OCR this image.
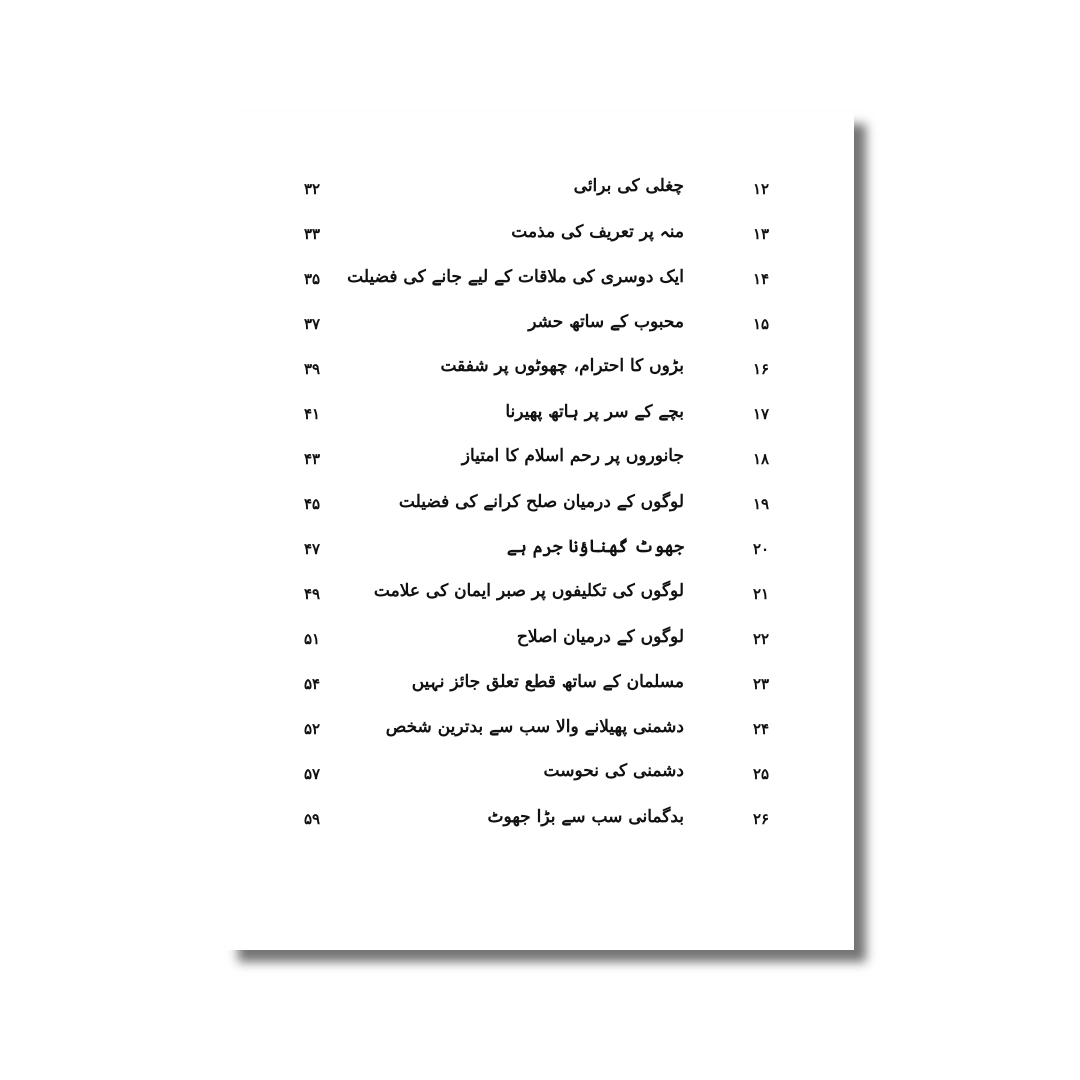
۱۲
چغلی کی برائی
۳۲
۱۳
منہ پر تعریف کی مذمت
۳۳
۱۴
ایک دوسری کی ملاقات کے لیے جانے کی فضیلت
۳۵
۱۵
محبوب کے ساتھ حشر
۳۷
۱۶
بڑوں کا احترام، چھوٹوں پر شفقت
۳۹
۱۷
بچے کے سر پر ہاتھ پھیرنا
۴۱
۱۸
جانوروں پر رحم اسلام کا امتیاز
۴۳
۱۹
لوگوں کے درمیان صلح کرانے کی فضیلت
۴۵
۲۰
جھوٹ گھناؤنا جرم ہے
۴۷
۲۱
لوگوں کی تکلیفوں پر صبر ایمان کی علامت
۴۹
۲۲
لوگوں کے درمیان اصلاح
۵۱
۲۳
مسلمان کے ساتھ قطع تعلق جائز نہیں
۵۴
۲۴
دشمنی پھیلانے والا سب سے بدترین شخص
۵۲
۲۵
دشمنی کی نحوست
۵۷
۲۶
بدگمانی سب سے بڑا جھوٹ
۵۹
